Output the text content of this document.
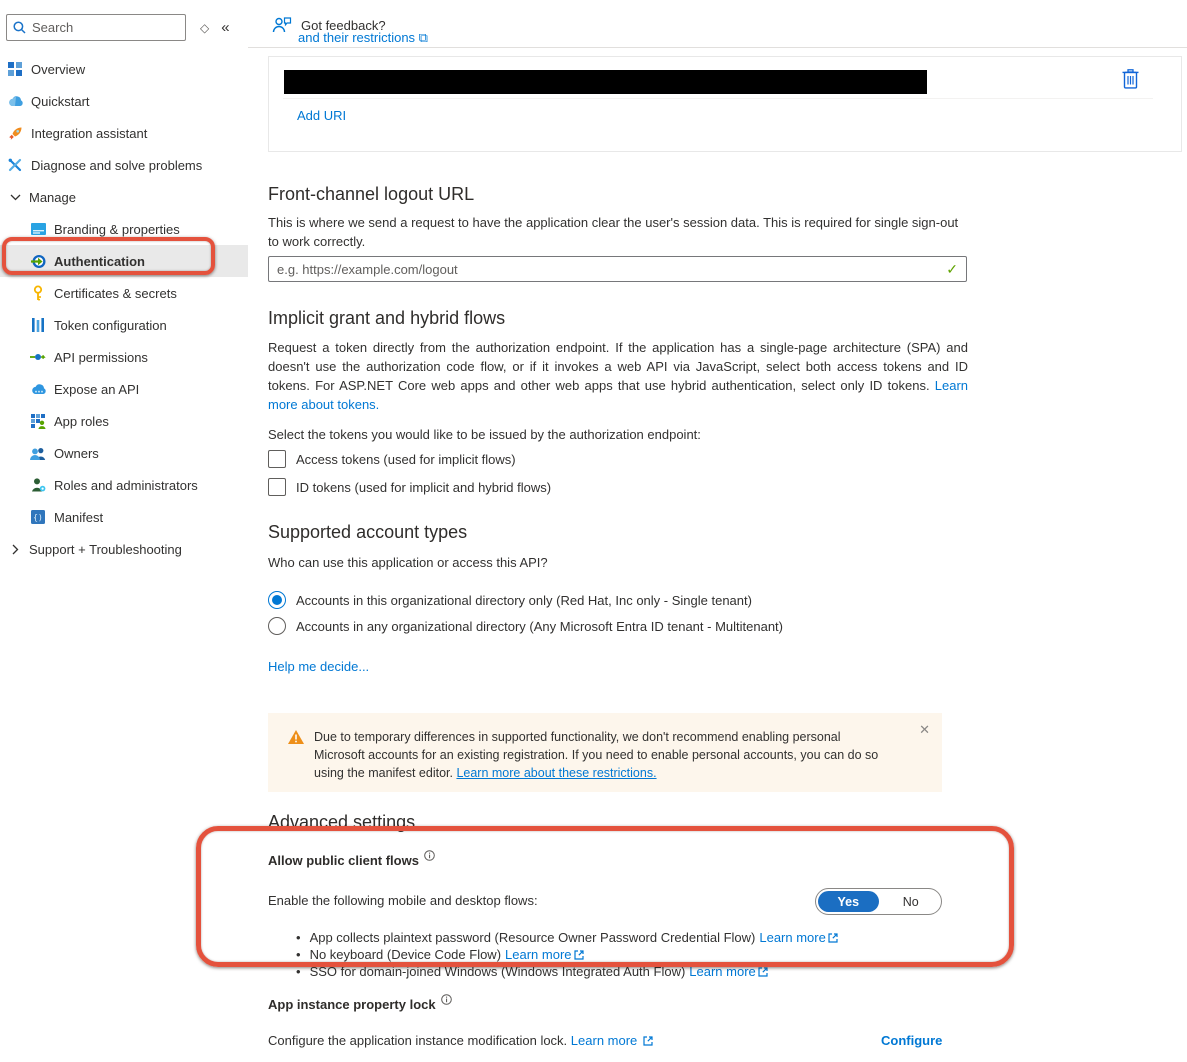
Search
◇ «
Overview
Quickstart
Integration assistant
Diagnose and solve problems
Manage
Branding & properties
Authentication
Certificates & secrets
Token configuration
API permissions
Expose an API
App roles
Owners
Roles and administrators
{) Manifest
Support + Troubleshooting
Got feedback?
and their restrictions ⧉
Add URI
Front-channel logout URL
This is where we send a request to have the application clear the user's session data. This is required for single sign-out to work correctly.
e.g. https://example.com/logout
✓
Implicit grant and hybrid flows
Request a token directly from the authorization endpoint. If the application has a single-page architecture (SPA) and doesn't use the authorization code flow, or if it invokes a web API via JavaScript, select both access tokens and ID tokens. For ASP.NET Core web apps and other web apps that use hybrid authentication, select only ID tokens. Learn more about tokens.
Select the tokens you would like to be issued by the authorization endpoint:
Access tokens (used for implicit flows)
ID tokens (used for implicit and hybrid flows)
Supported account types
Who can use this application or access this API?
Accounts in this organizational directory only (Red Hat, Inc only - Single tenant)
Accounts in any organizational directory (Any Microsoft Entra ID tenant - Multitenant)
Help me decide...
Due to temporary differences in supported functionality, we don't recommend enabling personal Microsoft accounts for an existing registration. If you need to enable personal accounts, you can do so using the manifest editor. Learn more about these restrictions.
✕
Advanced settings
Allow public client flows
Enable the following mobile and desktop flows:	Yes	No
• App collects plaintext password (Resource Owner Password Credential Flow) Learn more
• No keyboard (Device Code Flow) Learn more
• SSO for domain-joined Windows (Windows Integrated Auth Flow) Learn more
App instance property lock
Configure the application instance modification lock. Learn more	Configure
